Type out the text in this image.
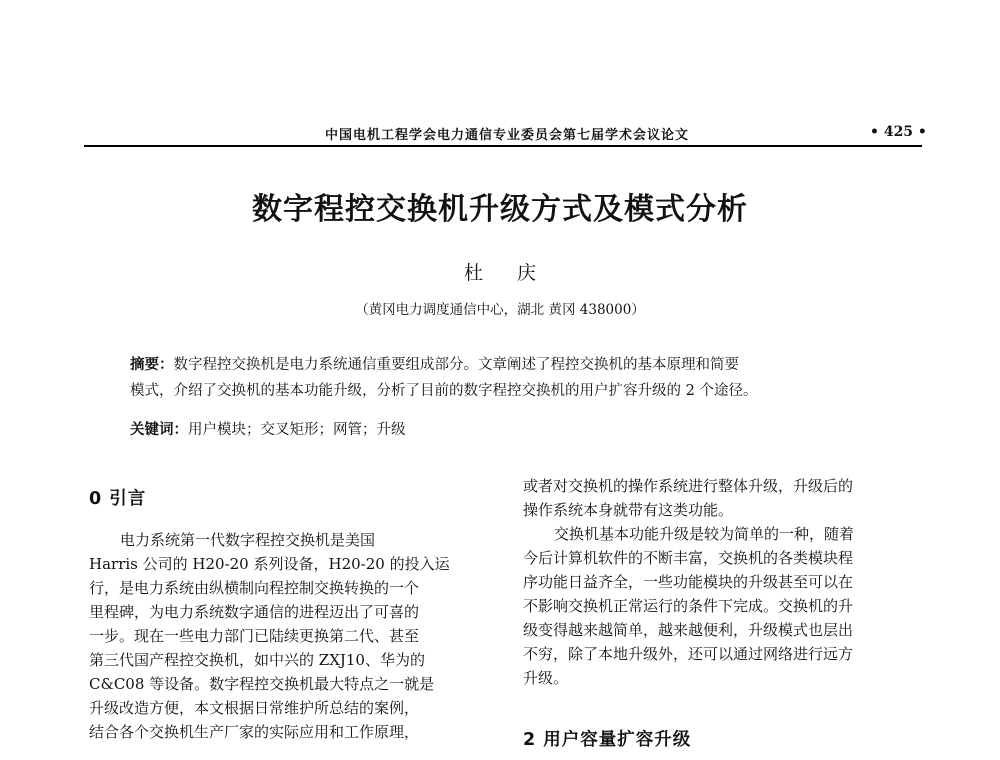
中国电机工程学会电力通信专业委员会第七届学术会议论文	• 425 •
数字程控交换机升级方式及模式分析
杜 庆
（黄冈电力调度通信中心，湖北 黄冈 438000）
摘要：数字程控交换机是电力系统通信重要组成部分。文章阐述了程控交换机的基本原理和简要
模式，介绍了交换机的基本功能升级，分析了目前的数字程控交换机的用户扩容升级的 2 个途径。
关键词：用户模块；交叉矩形；网管；升级
0 引言
电力系统第一代数字程控交换机是美国
Harris 公司的 H20-20 系列设备，H20-20 的投入运
行，是电力系统由纵横制向程控制交换转换的一个
里程碑，为电力系统数字通信的进程迈出了可喜的
一步。现在一些电力部门已陆续更换第二代、甚至
第三代国产程控交换机，如中兴的 ZXJ10、华为的
C&C08 等设备。数字程控交换机最大特点之一就是
升级改造方便，本文根据日常维护所总结的案例，
结合各个交换机生产厂家的实际应用和工作原理，
或者对交换机的操作系统进行整体升级，升级后的
操作系统本身就带有这类功能。
交换机基本功能升级是较为简单的一种，随着
今后计算机软件的不断丰富，交换机的各类模块程
序功能日益齐全，一些功能模块的升级甚至可以在
不影响交换机正常运行的条件下完成。交换机的升
级变得越来越简单，越来越便利，升级模式也层出
不穷，除了本地升级外，还可以通过网络进行远方
升级。
2 用户容量扩容升级
